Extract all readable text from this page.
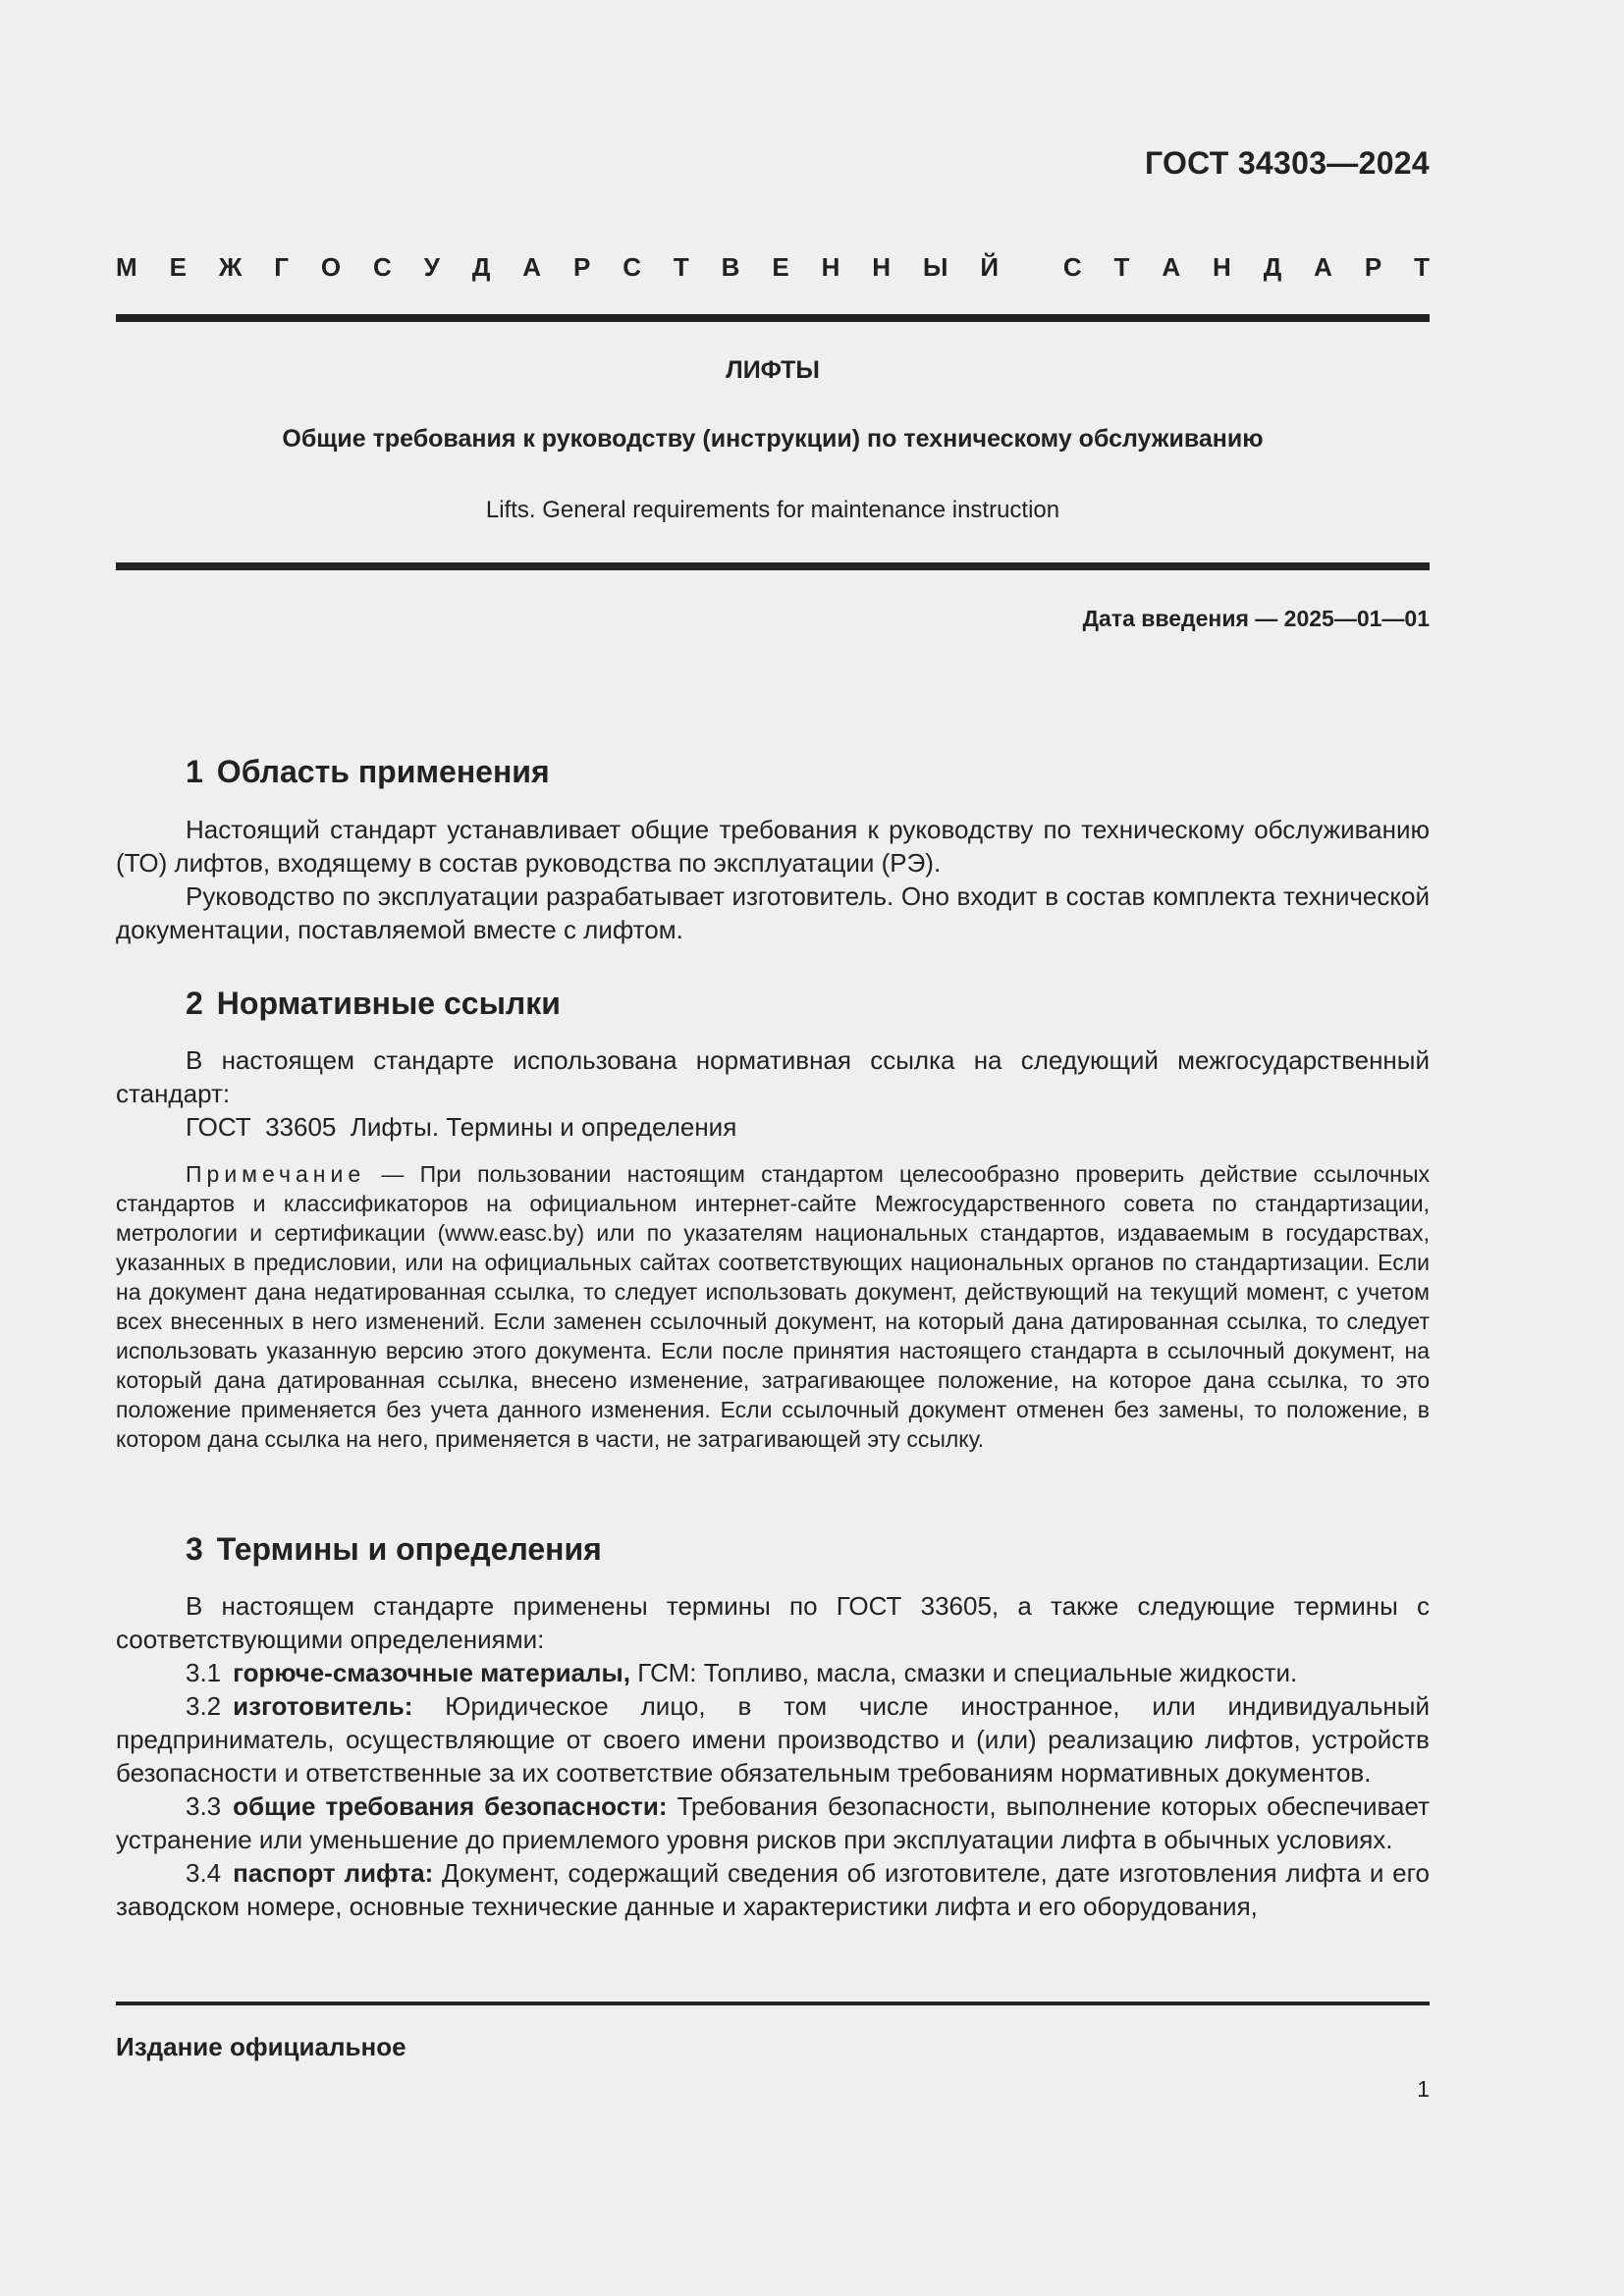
ГОСТ 34303—2024
М Е Ж Г О С У Д А Р С Т В Е Н Н Ы Й	С Т А Н Д А Р Т
ЛИФТЫ
Общие требования к руководству (инструкции) по техническому обслуживанию
Lifts. General requirements for maintenance instruction
Дата введения — 2025—01—01
1 Область применения

Настоящий стандарт устанавливает общие требования к руководству по техническому обслуживанию (ТО) лифтов, входящему в состав руководства по эксплуатации (РЭ).

Руководство по эксплуатации разрабатывает изготовитель. Оно входит в состав комплекта технической документации, поставляемой вместе с лифтом.

2 Нормативные ссылки

В настоящем стандарте использована нормативная ссылка на следующий межгосударственный стандарт:

ГОСТ  33605  Лифты. Термины и определения

Примечание — При пользовании настоящим стандартом целесообразно проверить действие ссылочных стандартов и классификаторов на официальном интернет-сайте Межгосударственного совета по стандартизации, метрологии и сертификации (www.easc.by) или по указателям национальных стандартов, издаваемым в государствах, указанных в предисловии, или на официальных сайтах соответствующих национальных органов по стандартизации. Если на документ дана недатированная ссылка, то следует использовать документ, действующий на текущий момент, с учетом всех внесенных в него изменений. Если заменен ссылочный документ, на который дана датированная ссылка, то следует использовать указанную версию этого документа. Если после принятия настоящего стандарта в ссылочный документ, на который дана датированная ссылка, внесено изменение, затрагивающее положение, на которое дана ссылка, то это положение применяется без учета данного изменения. Если ссылочный документ отменен без замены, то положение, в котором дана ссылка на него, применяется в части, не затрагивающей эту ссылку.
3 Термины и определения

В настоящем стандарте применены термины по ГОСТ 33605, а также следующие термины с соответствующими определениями:

3.1 горюче-смазочные материалы, ГСМ: Топливо, масла, смазки и специальные жидкости.

3.2 изготовитель: Юридическое лицо, в том числе иностранное, или индивидуальный предприниматель, осуществляющие от своего имени производство и (или) реализацию лифтов, устройств безопасности и ответственные за их соответствие обязательным требованиям нормативных документов.

3.3 общие требования безопасности: Требования безопасности, выполнение которых обеспечивает устранение или уменьшение до приемлемого уровня рисков при эксплуатации лифта в обычных условиях.

3.4 паспорт лифта: Документ, содержащий сведения об изготовителе, дате изготовления лифта и его заводском номере, основные технические данные и характеристики лифта и его оборудования,

Издание официальное
1
